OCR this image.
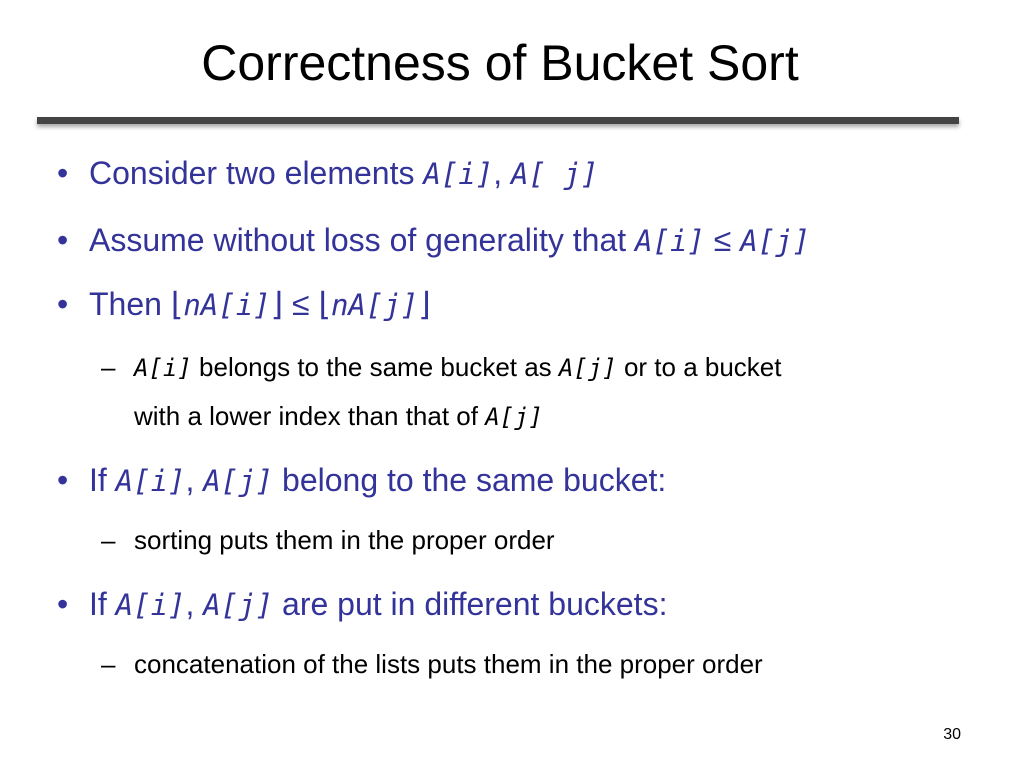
Correctness of Bucket Sort
• Consider two elements A[i], A[ j]
• Assume without loss of generality that A[i] ≤ A[j]
• Then ⌊nA[i]⌋ ≤ ⌊nA[j]⌋
– A[i] belongs to the same bucket as A[j] or to a bucket
with a lower index than that of A[j]
• If A[i], A[j] belong to the same bucket:
– sorting puts them in the proper order
• If A[i], A[j] are put in different buckets:
– concatenation of the lists puts them in the proper order
30
